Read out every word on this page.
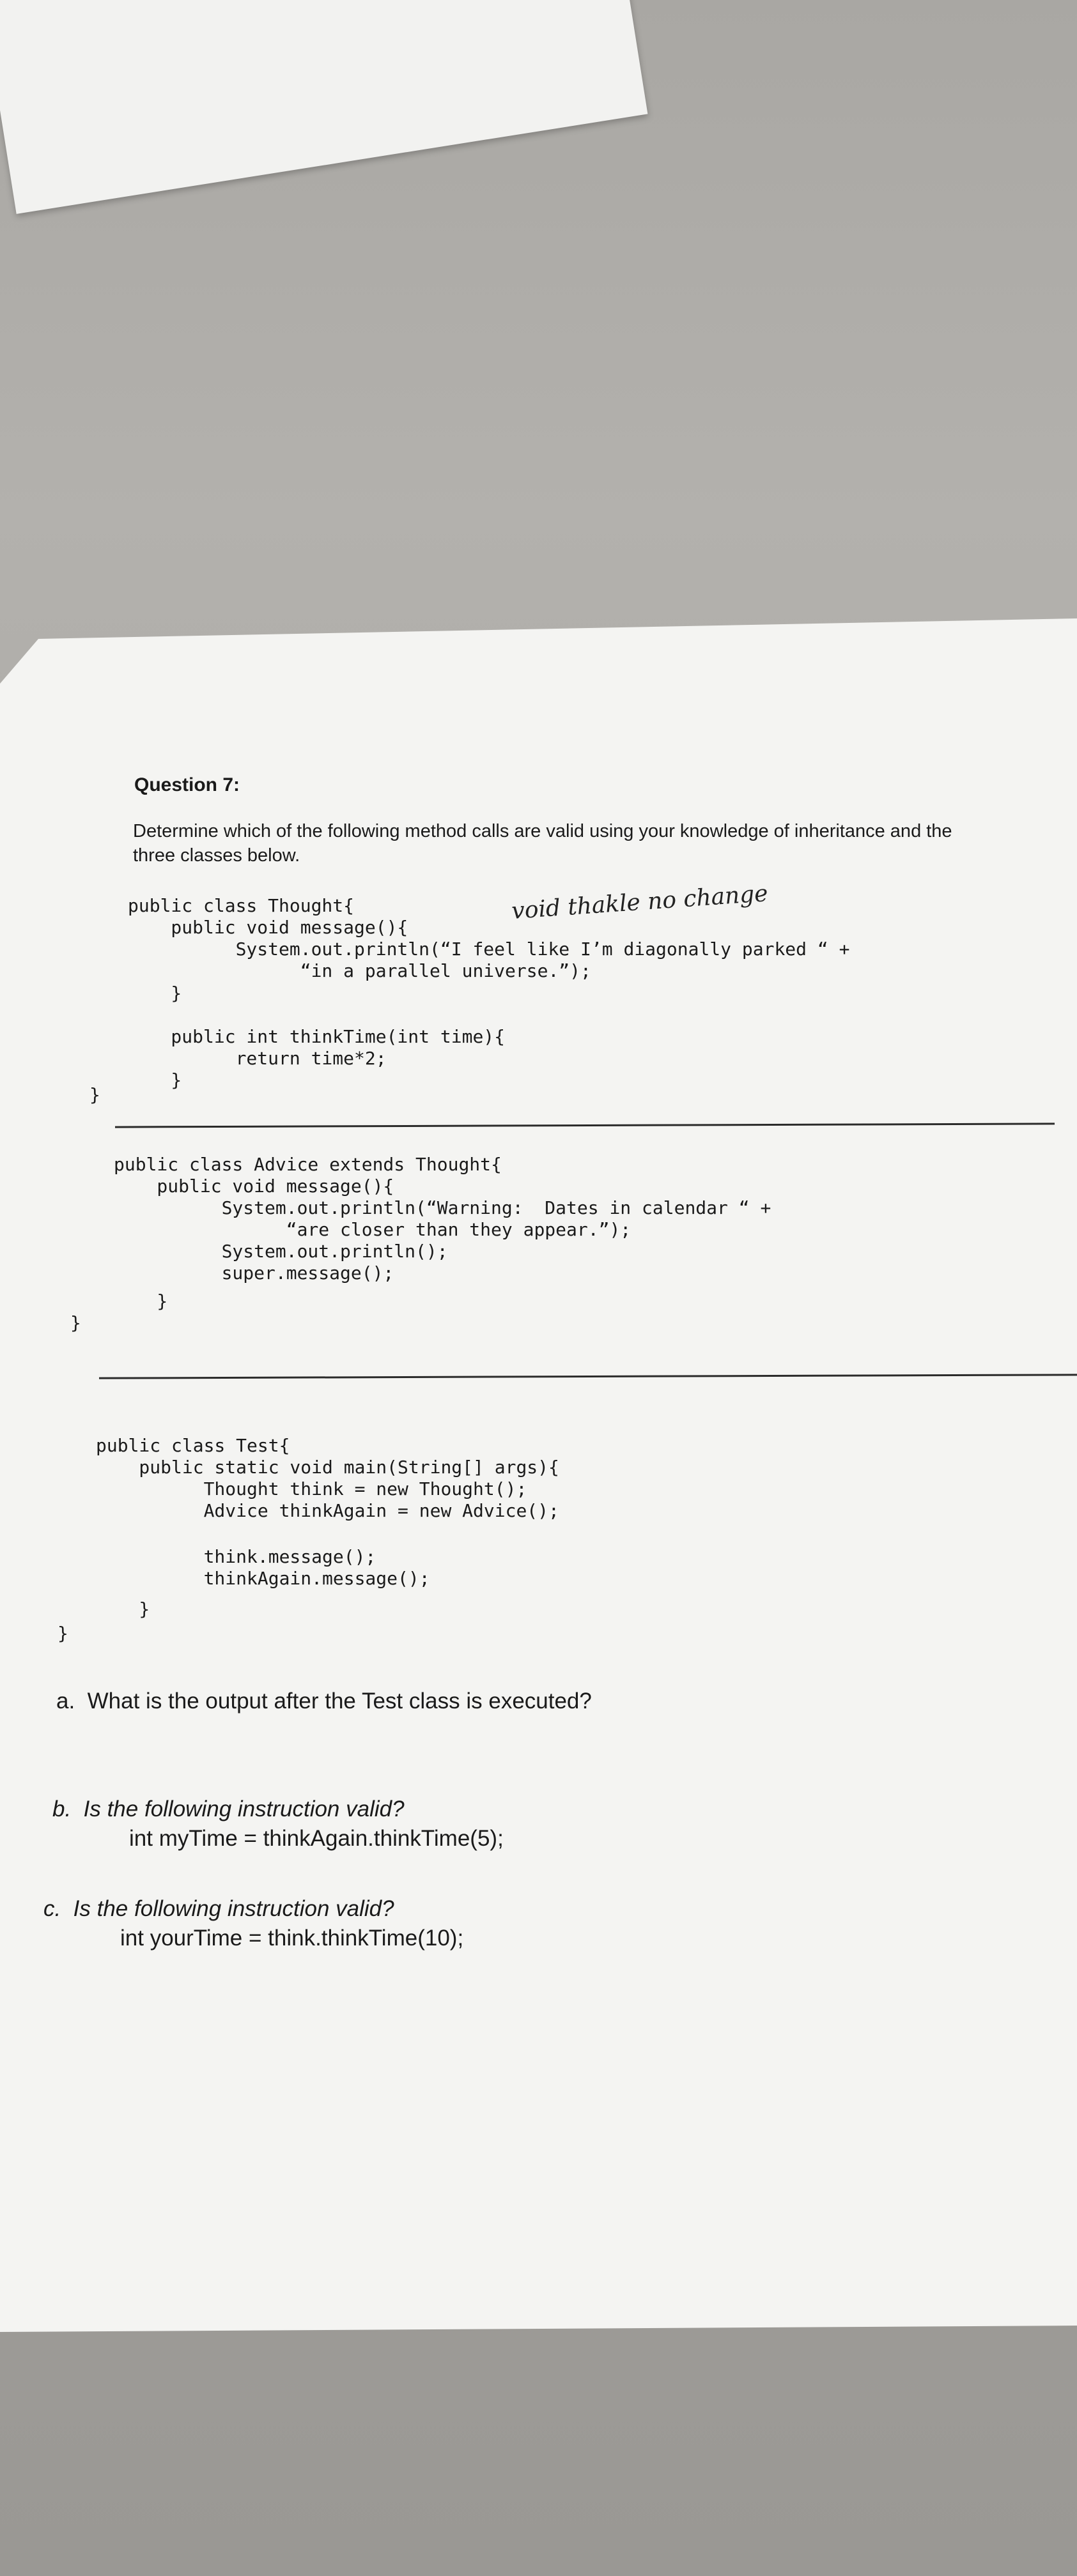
Question 7:
Determine which of the following method calls are valid using your knowledge of inheritance and the
three classes below.
void thakle no change
public class Thought{
public void message(){
System.out.println(“I feel like I’m diagonally parked “ +
“in a parallel universe.”);
}
public int thinkTime(int time){
return time*2;
}
}
public class Advice extends Thought{
public void message(){
System.out.println(“Warning:  Dates in calendar “ +
“are closer than they appear.”);
System.out.println();
super.message();
}
}
public class Test{
public static void main(String[] args){
Thought think = new Thought();
Advice thinkAgain = new Advice();
think.message();
thinkAgain.message();
}
}
a.  What is the output after the Test class is executed?
b.  Is the following instruction valid?
int myTime = thinkAgain.thinkTime(5);
c.  Is the following instruction valid?
int yourTime = think.thinkTime(10);
